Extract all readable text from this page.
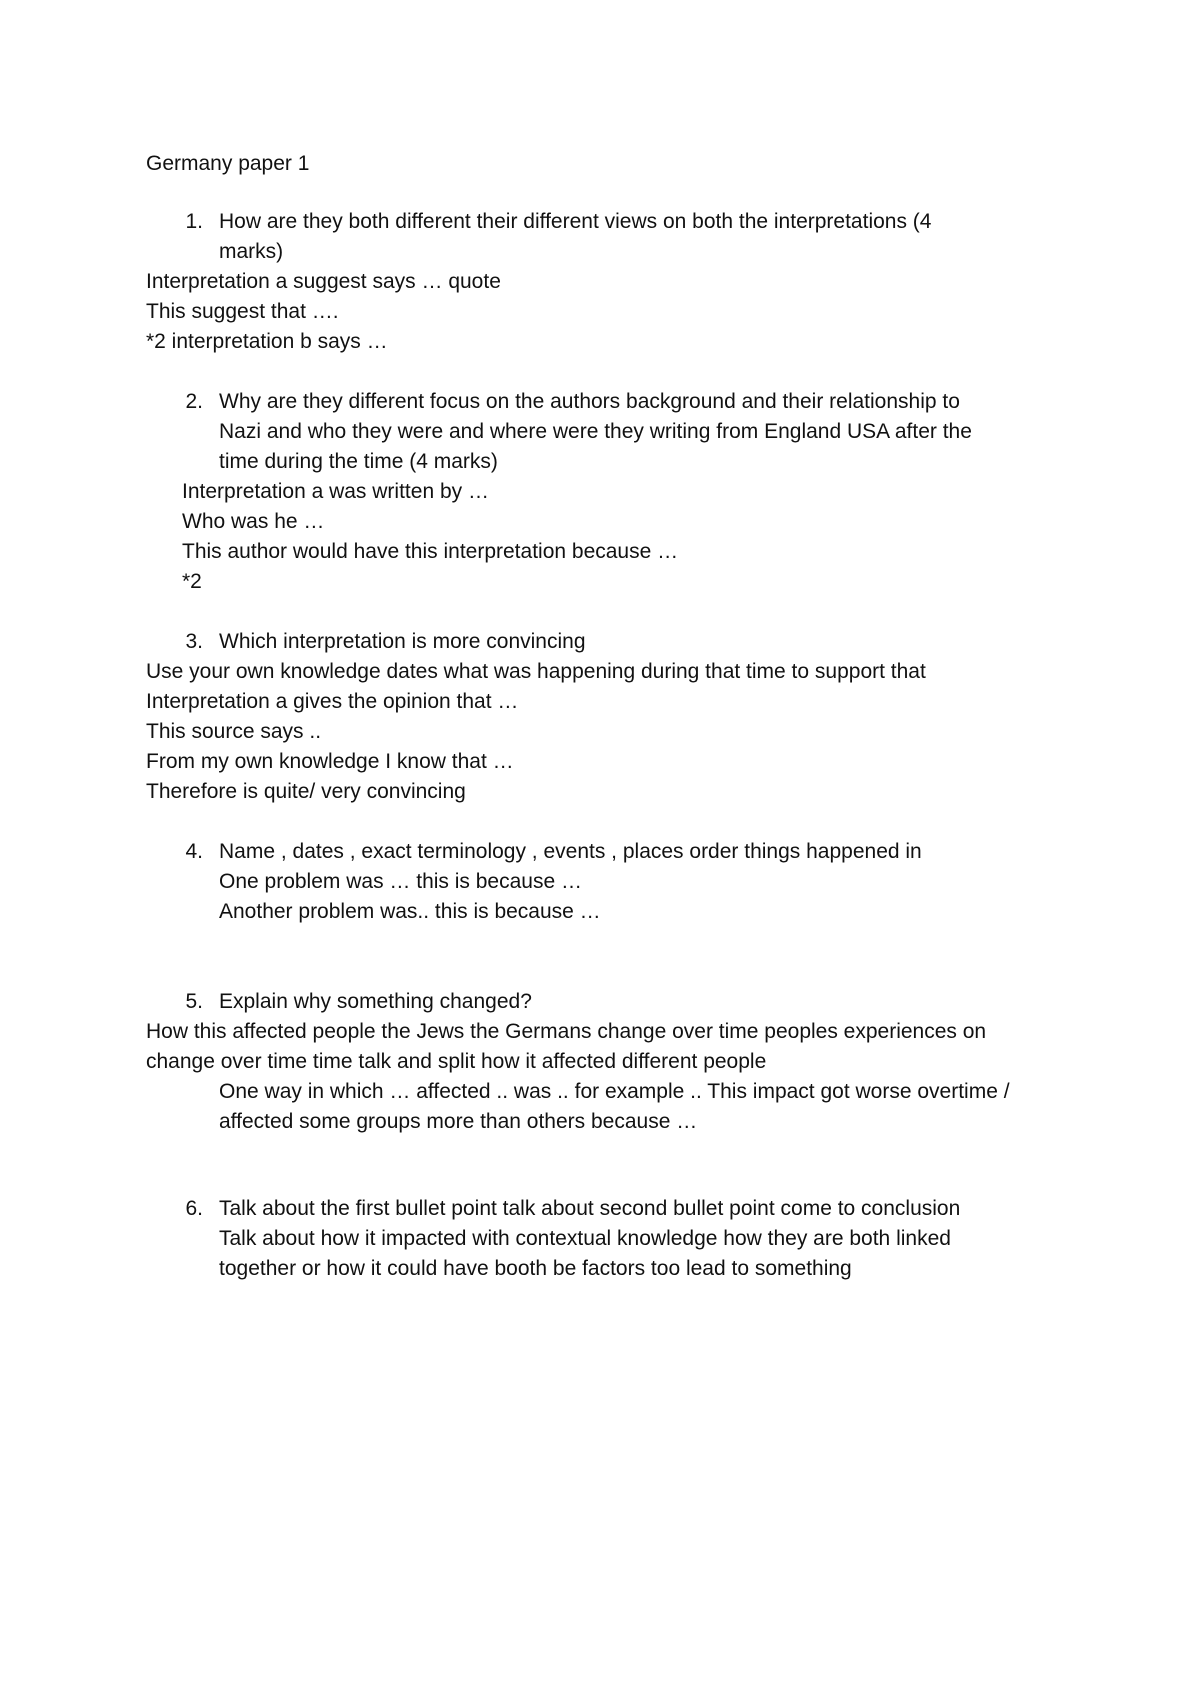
Germany paper 1
1. How are they both different their different views on both the interpretations (4
marks)
Interpretation a suggest says … quote
This suggest that ….
*2 interpretation b says …
2. Why are they different focus on the authors background and their relationship to
Nazi and who they were and where were they writing from England USA after the
time during the time (4 marks)
Interpretation a was written by …
Who was he …
This author would have this interpretation because …
*2
3. Which interpretation is more convincing
Use your own knowledge dates what was happening during that time to support that
Interpretation a gives the opinion that …
This source says ..
From my own knowledge I know that …
Therefore is quite/ very convincing
4. Name , dates , exact terminology , events , places order things happened in
One problem was … this is because …
Another problem was.. this is because …
5. Explain why something changed?
How this affected people the Jews the Germans change over time peoples experiences on
change over time time talk and split how it affected different people
One way in which … affected .. was .. for example .. This impact got worse overtime /
affected some groups more than others because …
6. Talk about the first bullet point talk about second bullet point come to conclusion
Talk about how it impacted with contextual knowledge how they are both linked
together or how it could have booth be factors too lead to something
